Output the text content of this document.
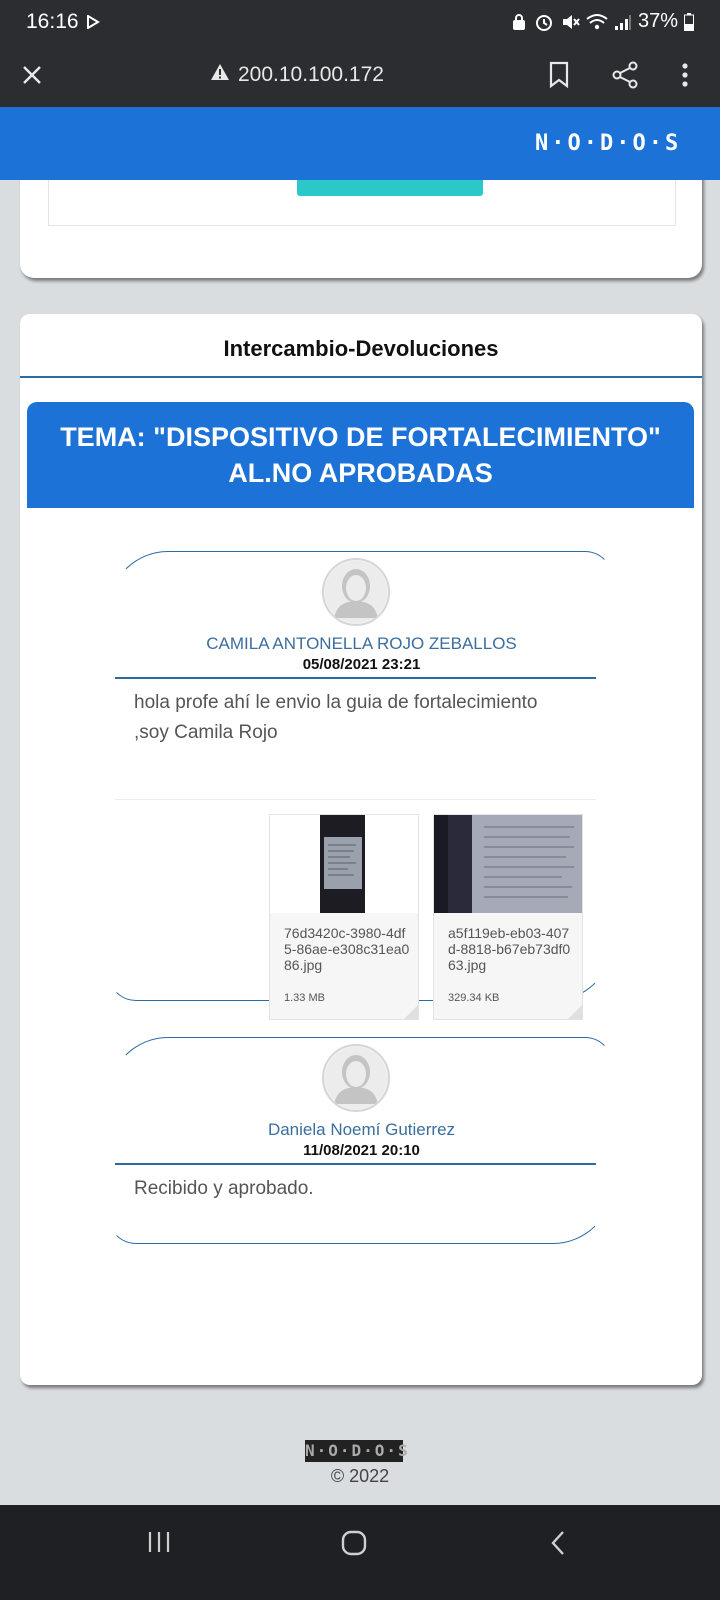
16:16	37%
200.10.100.172
N·O·D·O·S
Intercambio-Devoluciones
TEMA: "DISPOSITIVO DE FORTALECIMIENTO" AL.NO APROBADAS
CAMILA ANTONELLA ROJO ZEBALLOS
05/08/2021 23:21
hola profe ahí le envio la guia de fortalecimiento ,soy Camila Rojo
76d3420c-3980-4df5-86ae-e308c31ea086.jpg
1.33 MB
a5f119eb-eb03-407d-8818-b67eb73df063.jpg
329.34 KB
Daniela Noemí Gutierrez
11/08/2021 20:10
Recibido y aprobado.
N·O·D·O·S
© 2022
